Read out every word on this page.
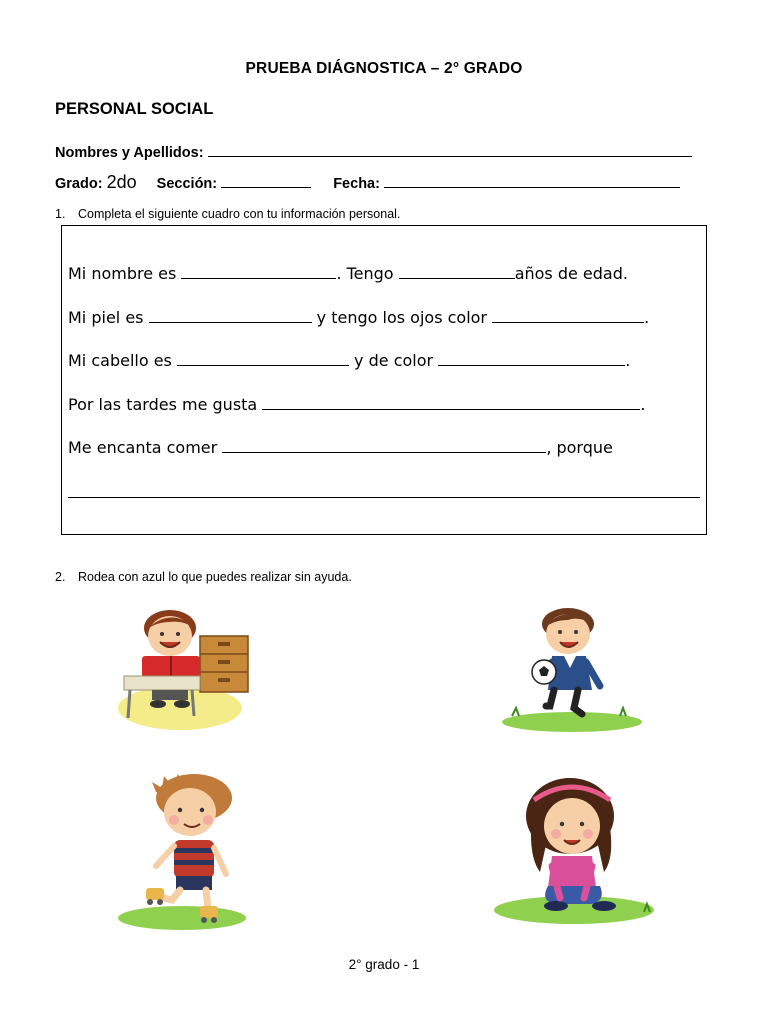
PRUEBA DIÁGNOSTICA – 2° GRADO
PERSONAL SOCIAL
Nombres y Apellidos:
Grado: 2do Sección:	Fecha:
1. Completa el siguiente cuadro con tu información personal.
Mi nombre es	. Tengo	años de edad.
Mi piel es	y tengo los ojos color	.
Mi cabello es	y de color	.
Por las tardes me gusta	.
Me encanta comer	, porque
2. Rodea con azul lo que puedes realizar sin ayuda.
2° grado - 1
